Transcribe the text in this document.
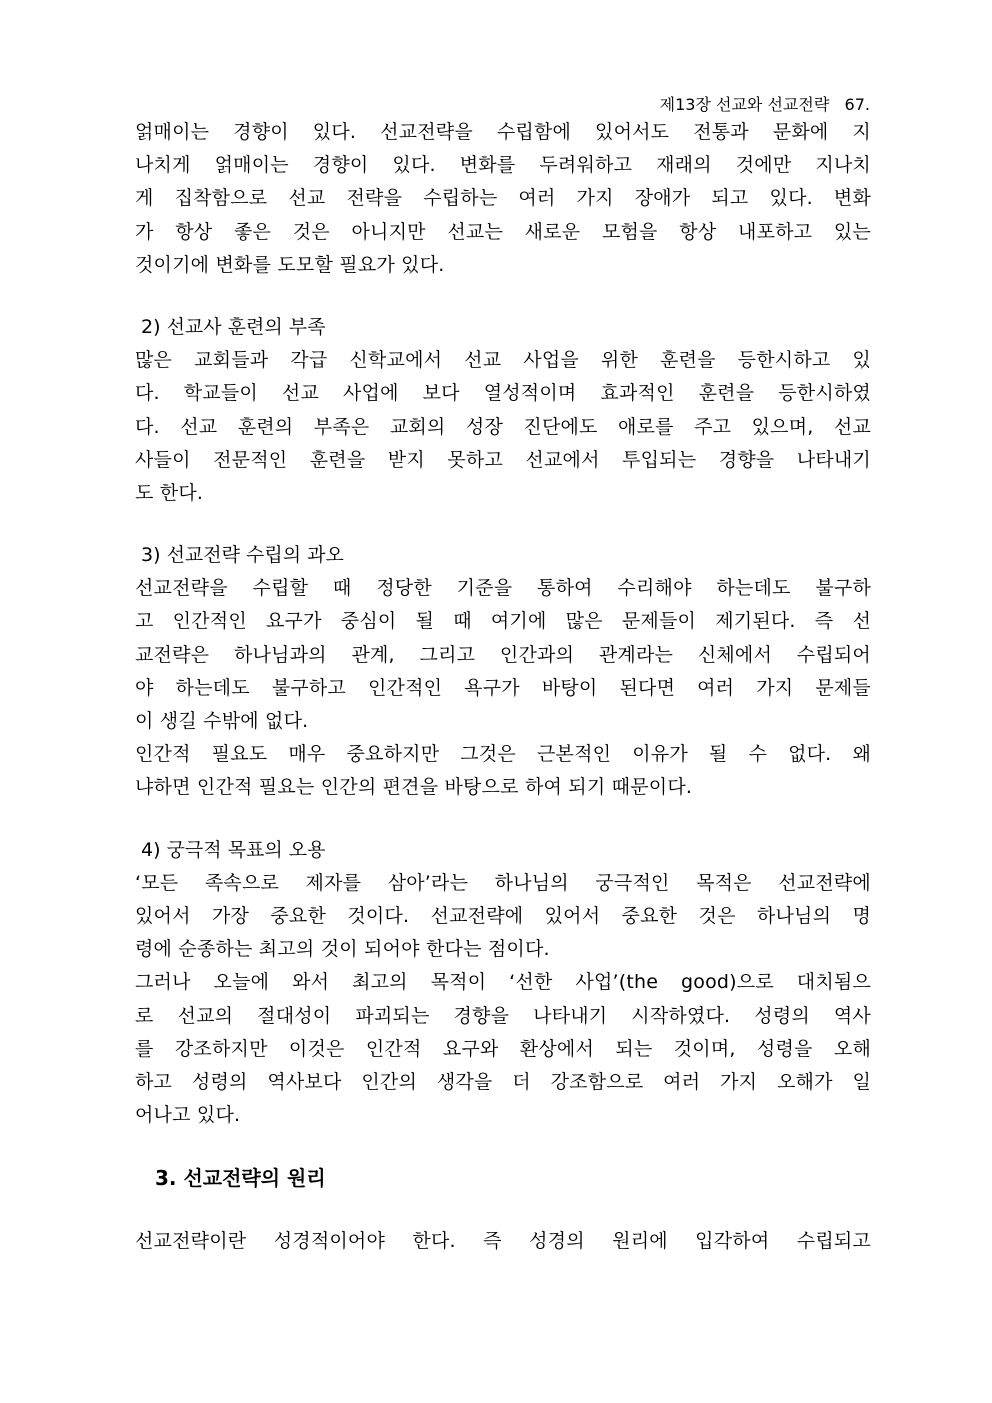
제13장 선교와 선교전략 67.
얽매이는 경향이 있다. 선교전략을 수립함에 있어서도 전통과 문화에 지
나치게 얽매이는 경향이 있다. 변화를 두려워하고 재래의 것에만 지나치
게 집착함으로 선교 전략을 수립하는 여러 가지 장애가 되고 있다. 변화
가 항상 좋은 것은 아니지만 선교는 새로운 모험을 항상 내포하고 있는
것이기에 변화를 도모할 필요가 있다.
2) 선교사 훈련의 부족
많은 교회들과 각급 신학교에서 선교 사업을 위한 훈련을 등한시하고 있
다. 학교들이 선교 사업에 보다 열성적이며 효과적인 훈련을 등한시하였
다. 선교 훈련의 부족은 교회의 성장 진단에도 애로를 주고 있으며, 선교
사들이 전문적인 훈련을 받지 못하고 선교에서 투입되는 경향을 나타내기
도 한다.
3) 선교전략 수립의 과오
선교전략을 수립할 때 정당한 기준을 통하여 수리해야 하는데도 불구하
고 인간적인 요구가 중심이 될 때 여기에 많은 문제들이 제기된다. 즉 선
교전략은 하나님과의 관계, 그리고 인간과의 관계라는 신체에서 수립되어
야 하는데도 불구하고 인간적인 욕구가 바탕이 된다면 여러 가지 문제들
이 생길 수밖에 없다.
인간적 필요도 매우 중요하지만 그것은 근본적인 이유가 될 수 없다. 왜
냐하면 인간적 필요는 인간의 편견을 바탕으로 하여 되기 때문이다.
4) 궁극적 목표의 오용
‘모든 족속으로 제자를 삼아’라는 하나님의 궁극적인 목적은 선교전략에
있어서 가장 중요한 것이다. 선교전략에 있어서 중요한 것은 하나님의 명
령에 순종하는 최고의 것이 되어야 한다는 점이다.
그러나 오늘에 와서 최고의 목적이 ‘선한 사업’(the good)으로 대치됨으
로 선교의 절대성이 파괴되는 경향을 나타내기 시작하였다. 성령의 역사
를 강조하지만 이것은 인간적 요구와 환상에서 되는 것이며, 성령을 오해
하고 성령의 역사보다 인간의 생각을 더 강조함으로 여러 가지 오해가 일
어나고 있다.
3. 선교전략의 원리
선교전략이란 성경적이어야 한다. 즉 성경의 원리에 입각하여 수립되고
